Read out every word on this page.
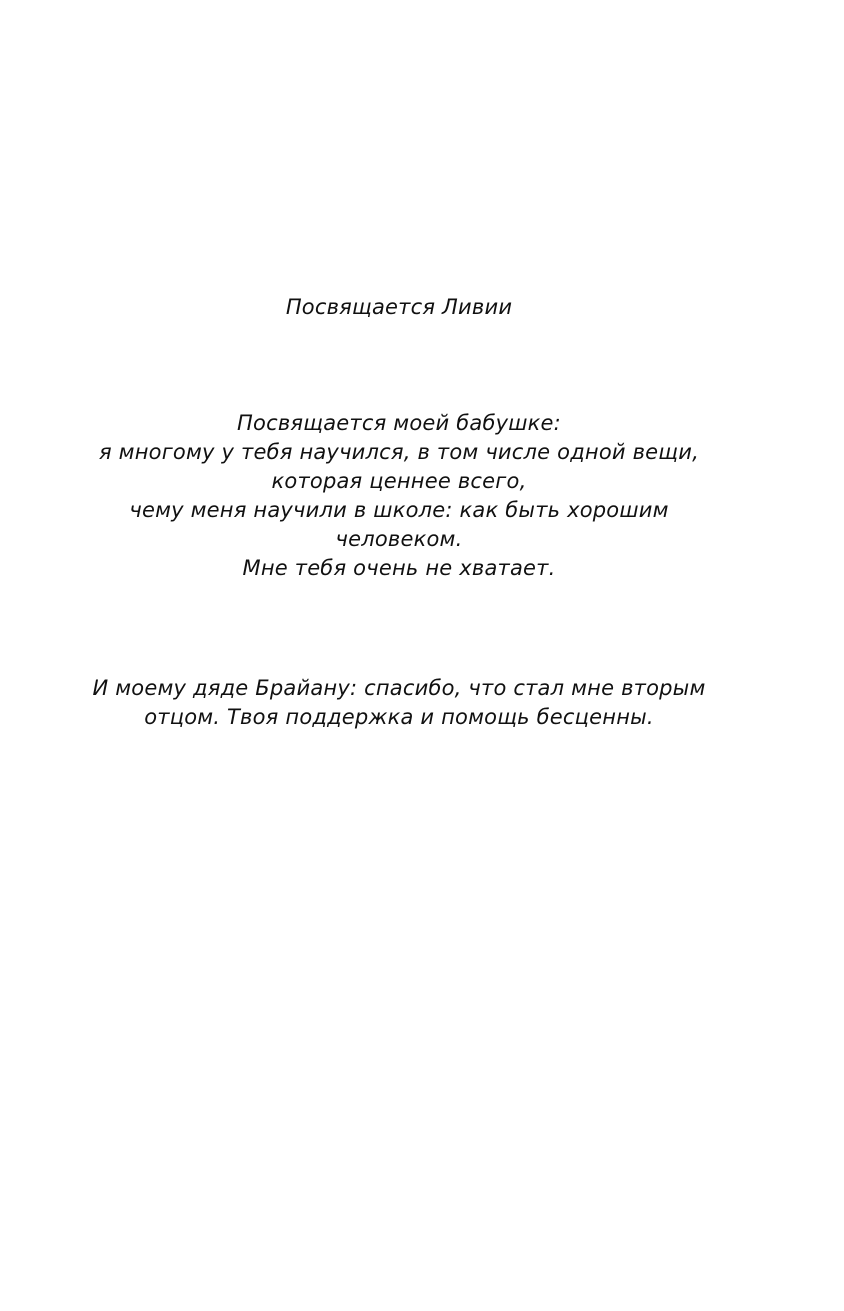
Посвящается Ливии
Посвящается моей бабушке:
я многому у тебя научился, в том числе одной вещи,
которая ценнее всего,
чему меня научили в школе: как быть хорошим
человеком.
Мне тебя очень не хватает.
И моему дяде Брайану: спасибо, что стал мне вторым
отцом. Твоя поддержка и помощь бесценны.
